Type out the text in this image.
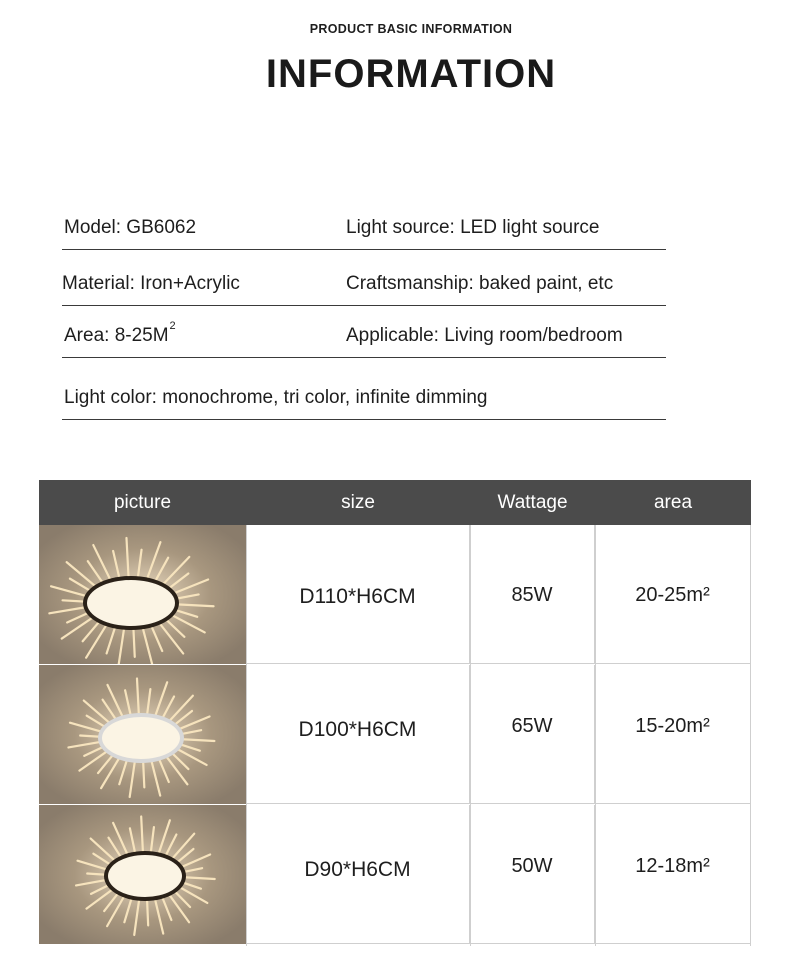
PRODUCT BASIC INFORMATION
INFORMATION
Model: GB6062	Light source: LED light source
Material: Iron+Acrylic	Craftsmanship: baked paint, etc
Area: $8-25M^2$	Applicable: Living room/bedroom
Light color: monochrome, tri color, infinite dimming
picture	size	Wattage	area
D110*H6CM	85W	20-25m²
D100*H6CM	65W	15-20m²
D90*H6CM	50W	12-18m²
